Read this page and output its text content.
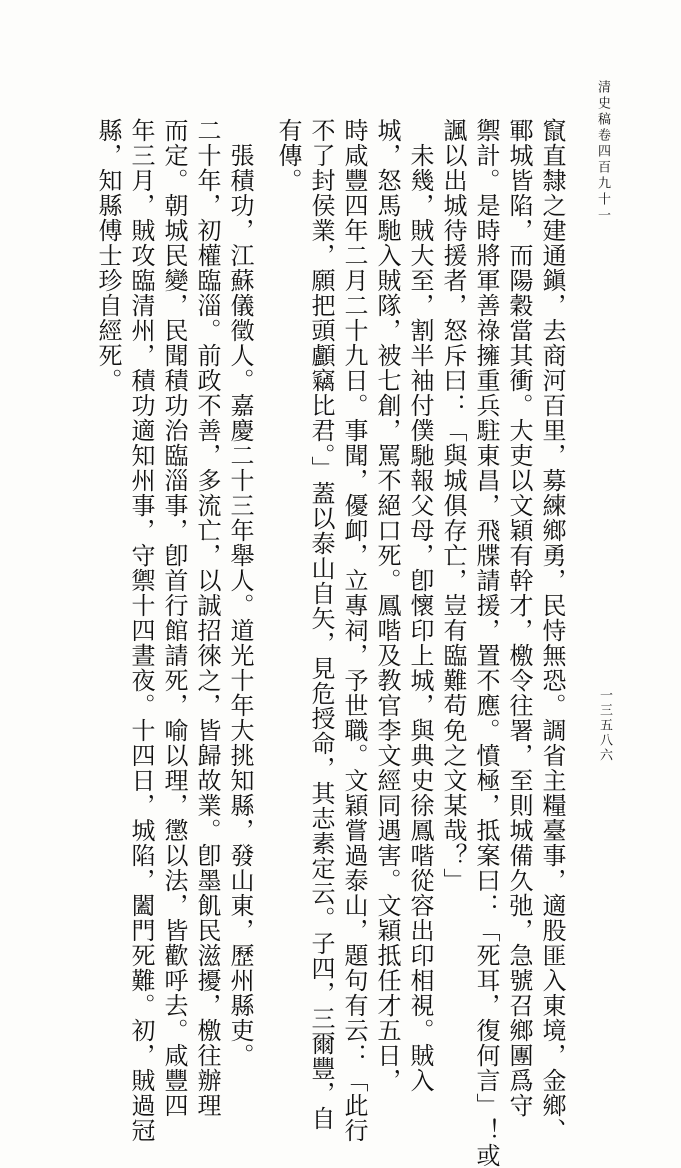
清史稿卷四百九十一
一三五八六
竄直隸之建通鎭，去商河百里，募練鄉勇，民恃無恐。調省主糧臺事，適股匪入東境，金鄉、
鄆城皆陷，而陽穀當其衝。大吏以文穎有幹才，檄令往署，至則城備久弛，急號召鄉團爲守
禦計。是時將軍善祿擁重兵駐東昌，飛牒請援，置不應。憤極，抵案曰：「死耳，復何言」！或
諷以出城待援者，怒斥曰：「與城俱存亡，豈有臨難苟免之文某哉？」
　未幾，賊大至，割半袖付僕馳報父母，卽懷印上城，與典史徐鳳喈從容出印相視。賊入
城，怒馬馳入賊隊，被七創，罵不絕口死。鳳喈及教官李文經同遇害。文穎抵任才五日，
時咸豐四年二月二十九日。事聞，優卹，立專祠，予世職。文穎嘗過泰山，題句有云：「此行
不了封侯業，願把頭顱竊比君。」蓋以泰山自矢，見危授命，其志素定云。子四，三爾豐，自
有傳。
　張積功，江蘇儀徵人。嘉慶二十三年舉人。道光十年大挑知縣，發山東，歷州縣吏。
二十年，初權臨淄。前政不善，多流亡，以誠招徠之，皆歸故業。卽墨飢民滋擾，檄往辦理
而定。朝城民變，民聞積功治臨淄事，卽首行館請死，喻以理，懲以法，皆歡呼去。咸豐四
年三月，賊攻臨清州，積功適知州事，守禦十四晝夜。十四日，城陷，闔門死難。初，賊過冠
縣，知縣傅士珍自經死。
